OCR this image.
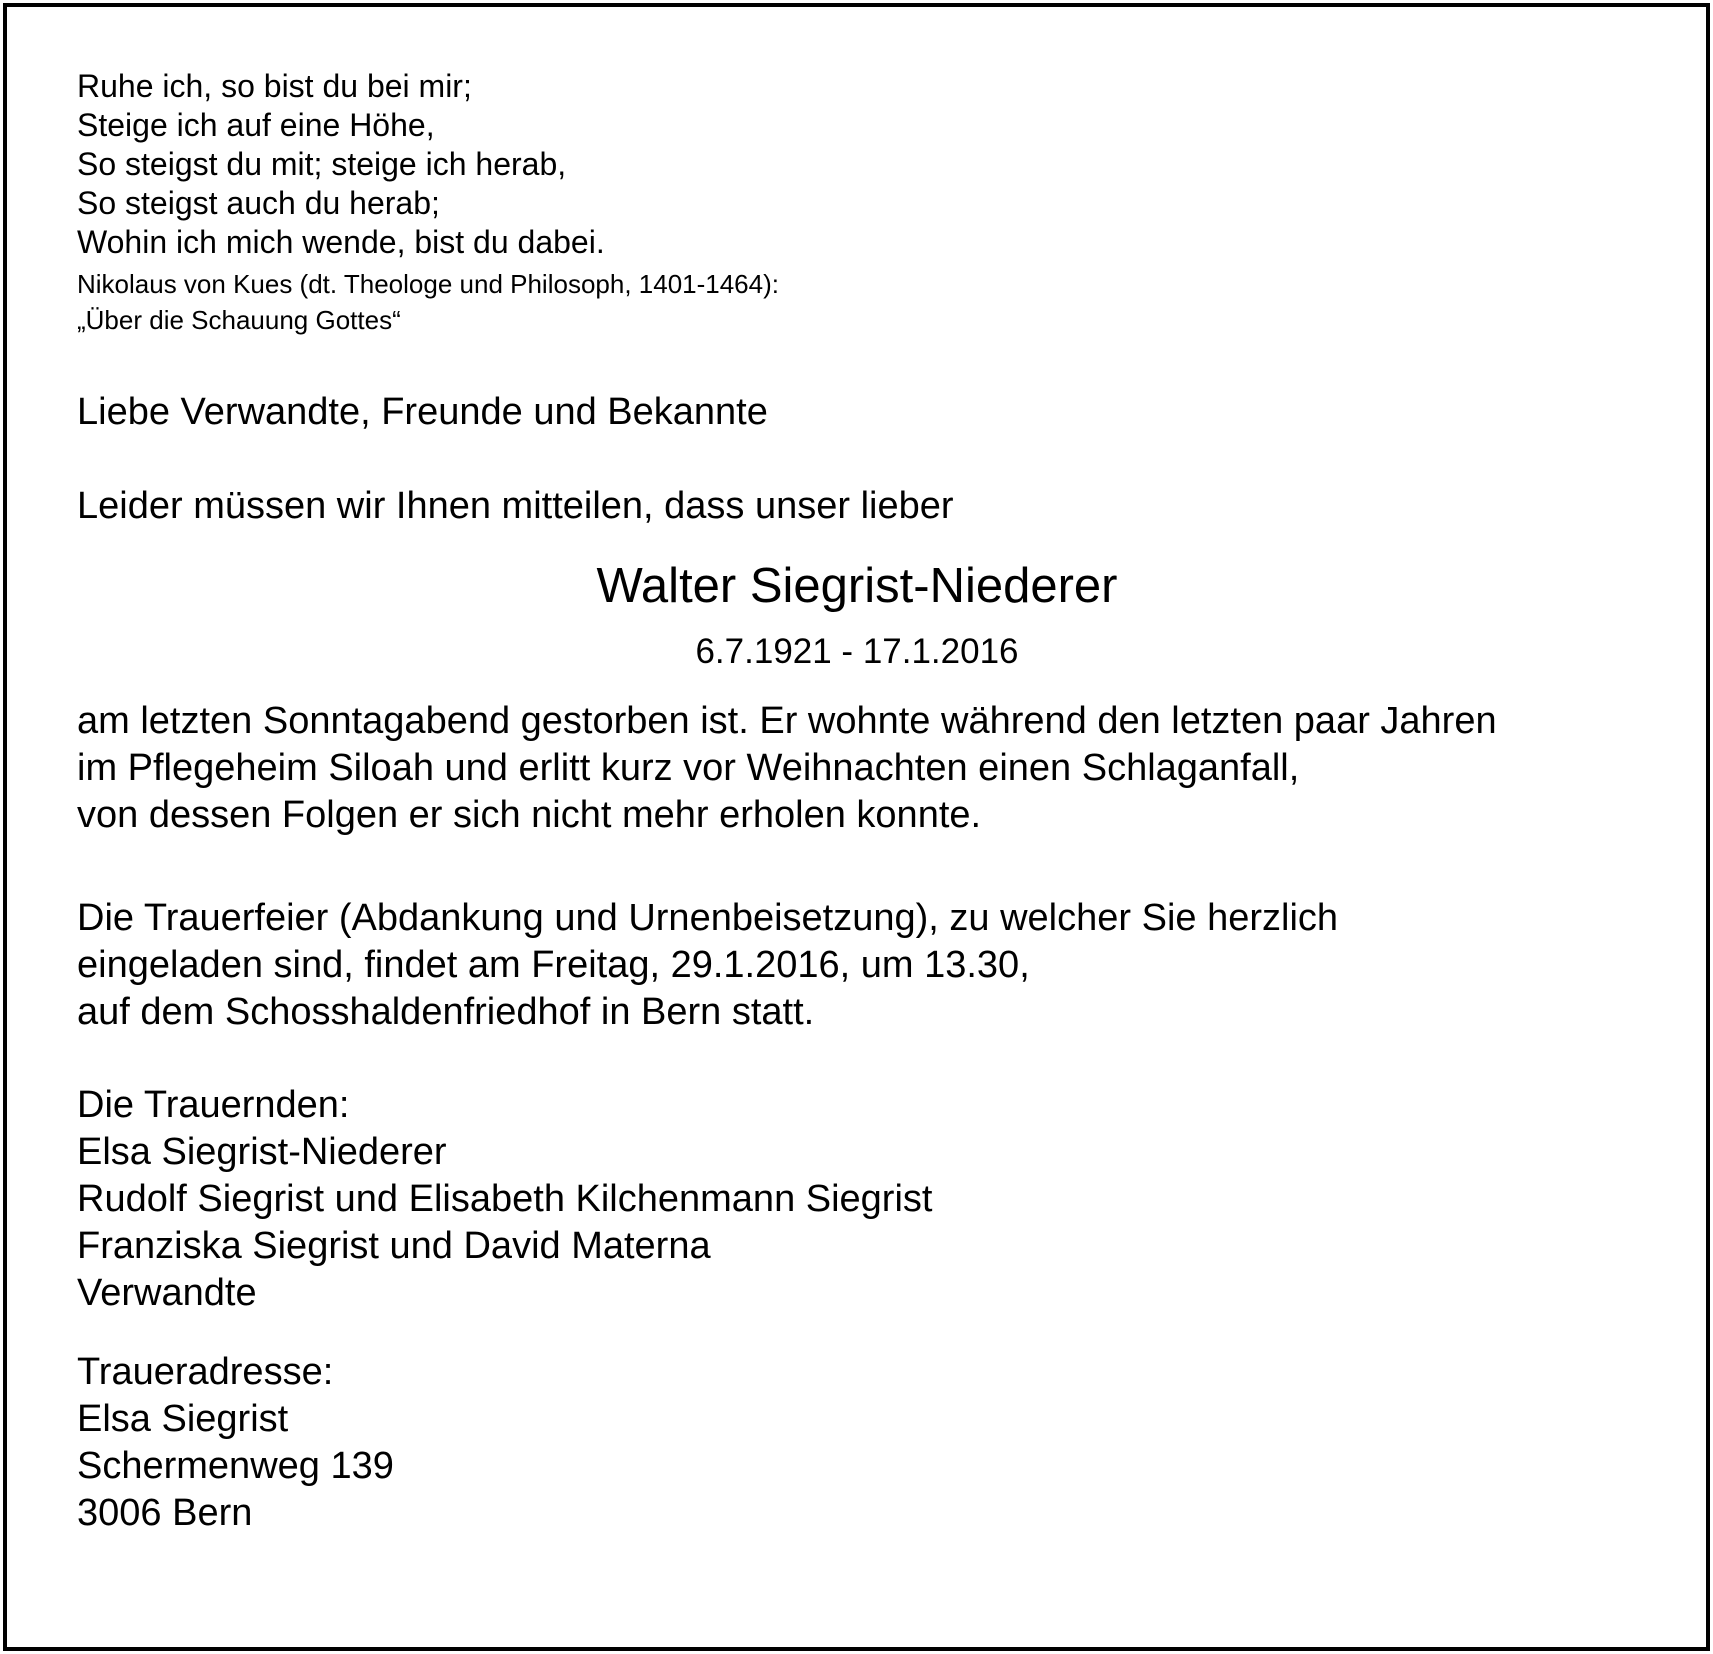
Ruhe ich, so bist du bei mir;
Steige ich auf eine Höhe,
So steigst du mit; steige ich herab,
So steigst auch du herab;
Wohin ich mich wende, bist du dabei.
Nikolaus von Kues (dt. Theologe und Philosoph, 1401-1464):
„Über die Schauung Gottes“
Liebe Verwandte, Freunde und Bekannte
Leider müssen wir Ihnen mitteilen, dass unser lieber
Walter Siegrist-Niederer
6.7.1921 - 17.1.2016
am letzten Sonntagabend gestorben ist. Er wohnte während den letzten paar Jahren
im Pflegeheim Siloah und erlitt kurz vor Weihnachten einen Schlaganfall,
von dessen Folgen er sich nicht mehr erholen konnte.
Die Trauerfeier (Abdankung und Urnenbeisetzung), zu welcher Sie herzlich
eingeladen sind, findet am Freitag, 29.1.2016, um 13.30,
auf dem Schosshaldenfriedhof in Bern statt.
Die Trauernden:
Elsa Siegrist-Niederer
Rudolf Siegrist und Elisabeth Kilchenmann Siegrist
Franziska Siegrist und David Materna
Verwandte
Traueradresse:
Elsa Siegrist
Schermenweg 139
3006 Bern
